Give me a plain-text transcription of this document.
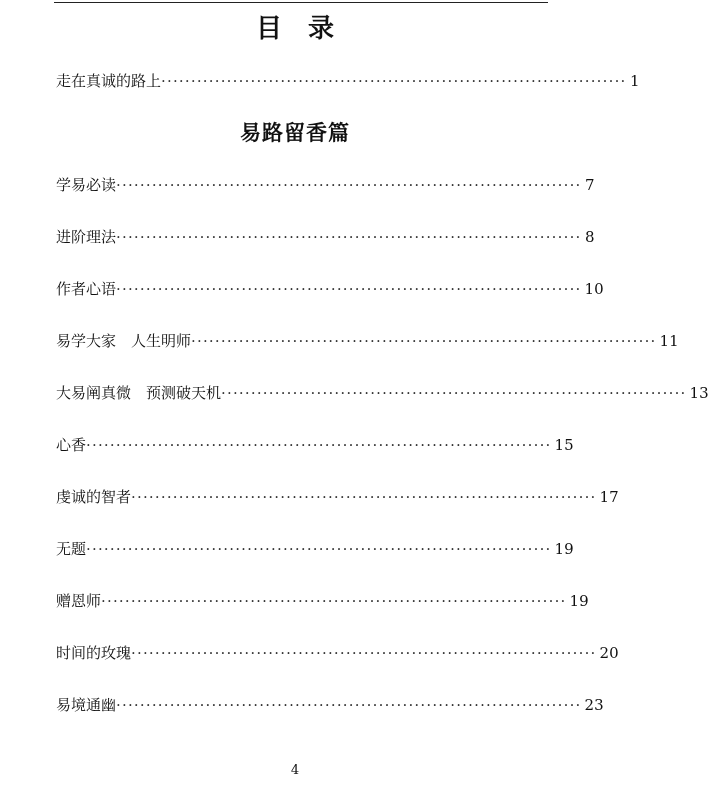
目录
走在真诚的路上 ·············································································· 1
易路留香篇
学易必读 ·············································································· 7
进阶理法 ·············································································· 8
作者心语 ·············································································· 10
易学大家　人生明师 ·············································································· 11
大易阐真微　预测破天机 ·············································································· 13
心香 ·············································································· 15
虔诚的智者 ·············································································· 17
无题 ·············································································· 19
赠恩师 ·············································································· 19
时间的玫瑰 ·············································································· 20
易境通幽 ·············································································· 23
4
